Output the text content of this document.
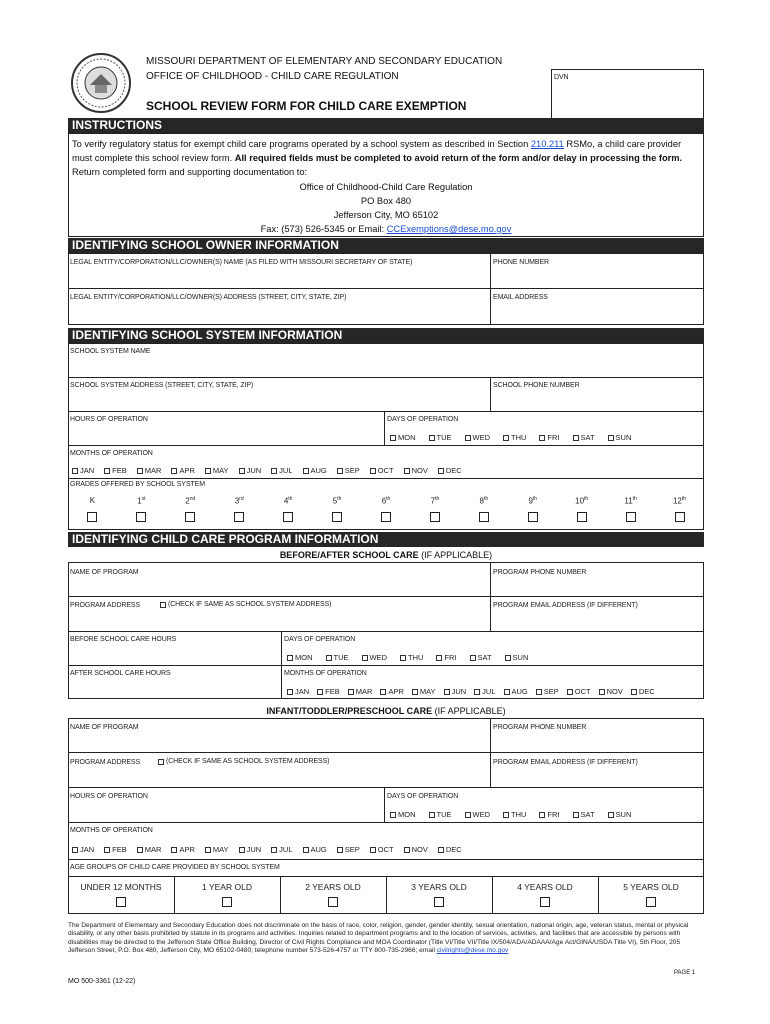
MISSOURI DEPARTMENT OF ELEMENTARY AND SECONDARY EDUCATION
OFFICE OF CHILDHOOD - CHILD CARE REGULATION	DVN
SCHOOL REVIEW FORM FOR CHILD CARE EXEMPTION
INSTRUCTIONS
To verify regulatory status for exempt child care programs operated by a school system as described in Section 210.211 RSMo, a child care provider must complete this school review form. All required fields must be completed to avoid return of the form and/or delay in processing the form. Return completed form and supporting documentation to:
Office of Childhood-Child Care Regulation
PO Box 480
Jefferson City, MO 65102
Fax: (573) 526-5345 or Email: CCExemptions@dese.mo.gov
IDENTIFYING SCHOOL OWNER INFORMATION
LEGAL ENTITY/CORPORATION/LLC/OWNER(S) NAME (AS FILED WITH MISSOURI SECRETARY OF STATE)	PHONE NUMBER
LEGAL ENTITY/CORPORATION/LLC/OWNER(S) ADDRESS (STREET, CITY, STATE, ZIP)	EMAIL ADDRESS
IDENTIFYING SCHOOL SYSTEM INFORMATION
SCHOOL SYSTEM NAME
SCHOOL SYSTEM ADDRESS (STREET, CITY, STATE, ZIP)	SCHOOL PHONE NUMBER
HOURS OF OPERATION	DAYS OF OPERATION
MON	TUE	WED	THU	FRI	SAT	SUN
MONTHS OF OPERATION
JAN FEB MAR APR MAY JUN JUL AUG SEP OCT NOV DEC
GRADES OFFERED BY SCHOOL SYSTEM
K	1st	2nd	3rd	4th	5th	6th	7th	8th	9th	10th	11th	12th
IDENTIFYING CHILD CARE PROGRAM INFORMATION
BEFORE/AFTER SCHOOL CARE (IF APPLICABLE)
NAME OF PROGRAM	PROGRAM PHONE NUMBER
PROGRAM ADDRESS	(CHECK IF SAME AS SCHOOL SYSTEM ADDRESS)	PROGRAM EMAIL ADDRESS (IF DIFFERENT)
BEFORE SCHOOL CARE HOURS	DAYS OF OPERATION
MON	TUE	WED	THU	FRI	SAT	SUN
AFTER SCHOOL CARE HOURS	MONTHS OF OPERATION
JAN FEB MAR APR MAY JUN JUL AUG SEP OCT NOV DEC
INFANT/TODDLER/PRESCHOOL CARE (IF APPLICABLE)
NAME OF PROGRAM	PROGRAM PHONE NUMBER
PROGRAM ADDRESS	(CHECK IF SAME AS SCHOOL SYSTEM ADDRESS)	PROGRAM EMAIL ADDRESS (IF DIFFERENT)
HOURS OF OPERATION	DAYS OF OPERATION
MON	TUE	WED	THU	FRI	SAT	SUN
MONTHS OF OPERATION
JAN FEB MAR APR MAY JUN JUL AUG SEP OCT NOV DEC
AGE GROUPS OF CHILD CARE PROVIDED BY SCHOOL SYSTEM
UNDER 12 MONTHS	1 YEAR OLD	2 YEARS OLD	3 YEARS OLD	4 YEARS OLD	5 YEARS OLD
The Department of Elementary and Secondary Education does not discriminate on the basis of race, color, religion, gender, gender identity, sexual orientation, national origin, age, veteran status, mental or physical disability, or any other basis prohibited by statute in its programs and activities. Inquiries related to department programs and to the location of services, activities, and facilities that are accessible by persons with disabilities may be directed to the Jefferson State Office Building, Director of Civil Rights Compliance and MOA Coordinator (Title VI/Title VII/Title IX/504/ADA/ADAAA/Age Act/GINA/USDA Title VI), 5th Floor, 205 Jefferson Street, P.O. Box 480, Jefferson City, MO 65102-0480; telephone number 573-526-4757 or TTY 800-735-2966; email civilrights@dese.mo.gov
MO 500-3361 (12-22)
PAGE 1
